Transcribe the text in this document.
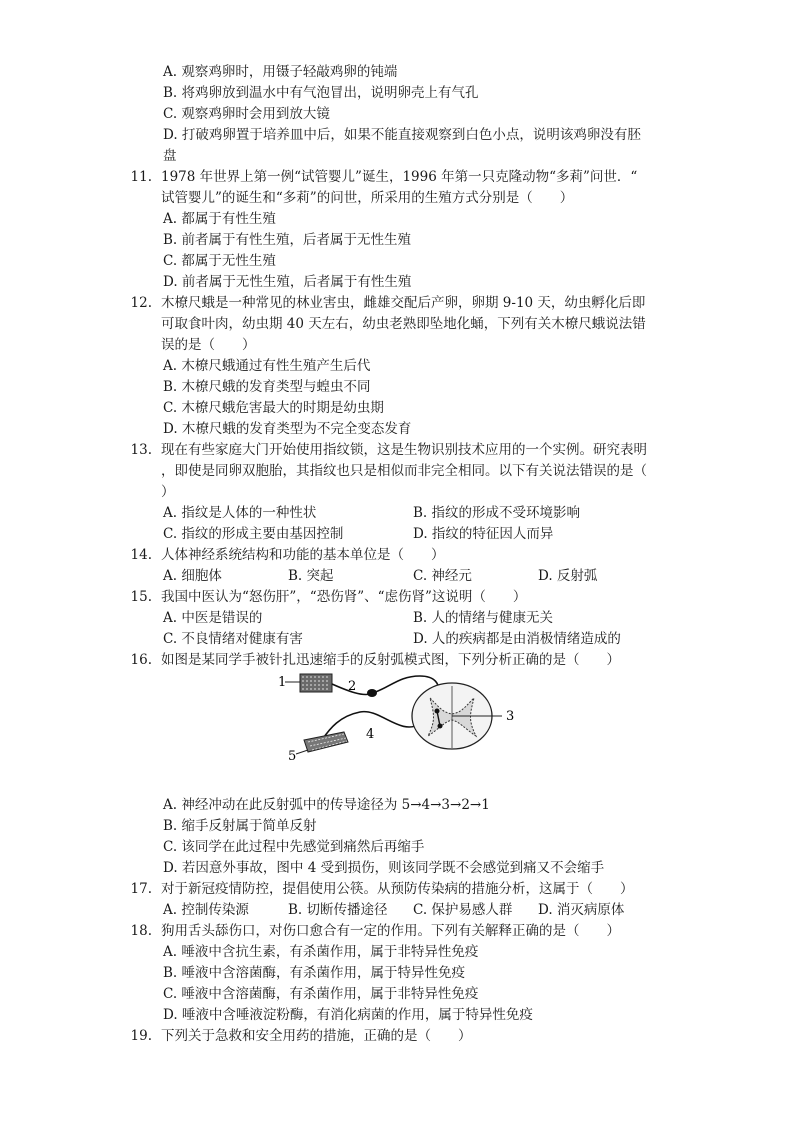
A. 观察鸡卵时，用镊子轻敲鸡卵的钝端
B. 将鸡卵放到温水中有气泡冒出，说明卵壳上有气孔
C. 观察鸡卵时会用到放大镜
D. 打破鸡卵置于培养皿中后，如果不能直接观察到白色小点，说明该鸡卵没有胚
盘
11. 1978 年世界上第一例“试管婴儿”诞生，1996 年第一只克隆动物“多莉”问世．“
试管婴儿”的诞生和“多莉”的问世，所采用的生殖方式分别是（　　）
A. 都属于有性生殖
B. 前者属于有性生殖，后者属于无性生殖
C. 都属于无性生殖
D. 前者属于无性生殖，后者属于有性生殖
12. 木橑尺蛾是一种常见的林业害虫，雌雄交配后产卵，卵期 9-10 天，幼虫孵化后即
可取食叶肉，幼虫期 40 天左右，幼虫老熟即坠地化蛹，下列有关木橑尺蛾说法错
误的是（　　）
A. 木橑尺蛾通过有性生殖产生后代
B. 木橑尺蛾的发育类型与蝗虫不同
C. 木橑尺蛾危害最大的时期是幼虫期
D. 木橑尺蛾的发育类型为不完全变态发育
13. 现在有些家庭大门开始使用指纹锁，这是生物识别技术应用的一个实例。研究表明
，即使是同卵双胞胎，其指纹也只是相似而非完全相同。以下有关说法错误的是（
）
A. 指纹是人体的一种性状	B. 指纹的形成不受环境影响
C. 指纹的形成主要由基因控制	D. 指纹的特征因人而异
14. 人体神经系统结构和功能的基本单位是（　　）
A. 细胞体	B. 突起	C. 神经元	D. 反射弧
15. 我国中医认为“怒伤肝”，“恐伤肾”、“虑伤肾”这说明（　　）
A. 中医是错误的	B. 人的情绪与健康无关
C. 不良情绪对健康有害	D. 人的疾病都是由消极情绪造成的
16. 如图是某同学手被针扎迅速缩手的反射弧模式图，下列分析正确的是（　　）
1	2
3
4
5
A. 神经冲动在此反射弧中的传导途径为 5→4→3→2→1
B. 缩手反射属于简单反射
C. 该同学在此过程中先感觉到痛然后再缩手
D. 若因意外事故，图中 4 受到损伤，则该同学既不会感觉到痛又不会缩手
17. 对于新冠疫情防控，提倡使用公筷。从预防传染病的措施分析，这属于（　　）
A. 控制传染源	B. 切断传播途径 C. 保护易感人群 D. 消灭病原体
18. 狗用舌头舔伤口，对伤口愈合有一定的作用。下列有关解释正确的是（　　）
A. 唾液中含抗生素，有杀菌作用，属于非特异性免疫
B. 唾液中含溶菌酶，有杀菌作用，属于特异性免疫
C. 唾液中含溶菌酶，有杀菌作用，属于非特异性免疫
D. 唾液中含唾液淀粉酶，有消化病菌的作用，属于特异性免疫
19. 下列关于急救和安全用药的措施，正确的是（　　）
